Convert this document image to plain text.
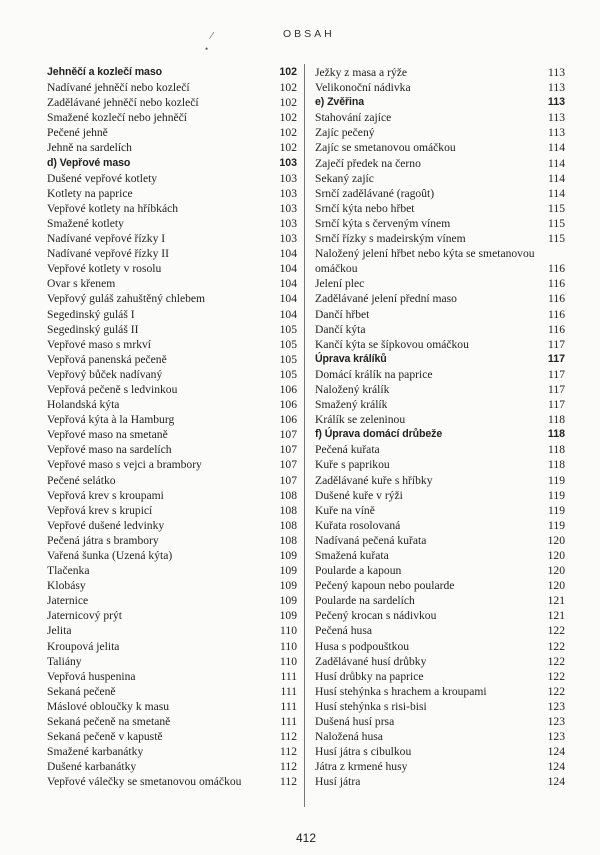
OBSAH
/
•
Jehněčí a kozlečí maso	102
Nadívané jehněčí nebo kozlečí	102
Zadělávané jehněčí nebo kozlečí	102
Smažené kozlečí nebo jehněčí	102
Pečené jehně	102
Jehně na sardelích	102
d) Vepřové maso	103
Dušené vepřové kotlety	103
Kotlety na paprice	103
Vepřové kotlety na hříbkách	103
Smažené kotlety	103
Nadívané vepřové řízky I	103
Nadívané vepřové řízky II	104
Vepřové kotlety v rosolu	104
Ovar s křenem	104
Vepřový guláš zahuštěný chlebem	104
Segedinský guláš I	104
Segedinský guláš II	105
Vepřové maso s mrkví	105
Vepřová panenská pečeně	105
Vepřový bůček nadívaný	105
Vepřová pečeně s ledvinkou	106
Holandská kýta	106
Vepřová kýta à la Hamburg	106
Vepřové maso na smetaně	107
Vepřové maso na sardelích	107
Vepřové maso s vejci a brambory	107
Pečené selátko	107
Vepřová krev s kroupami	108
Vepřová krev s krupicí	108
Vepřové dušené ledvinky	108
Pečená játra s brambory	108
Vařená šunka (Uzená kýta)	109
Tlačenka	109
Klobásy	109
Jaternice	109
Jaternicový prýt	109
Jelita	110
Kroupová jelita	110
Taliány	110
Vepřová huspenina	111
Sekaná pečeně	111
Máslové obloučky k masu	111
Sekaná pečeně na smetaně	111
Sekaná pečeně v kapustě	112
Smažené karbanátky	112
Dušené karbanátky	112
Vepřové válečky se smetanovou omáčkou	112
Ježky z masa a rýže	113
Velikonoční nádivka	113
e) Zvěřina	113
Stahování zajíce	113
Zajíc pečený	113
Zajíc se smetanovou omáčkou	114
Zaječí předek na černo	114
Sekaný zajíc	114
Srnčí zadělávané (ragoût)	114
Srnčí kýta nebo hřbet	115
Srnčí kýta s červeným vínem	115
Srnčí řízky s madeirským vínem	115
Naložený jelení hřbet nebo kýta se smetanovou
omáčkou	116
Jelení plec	116
Zadělávané jelení přední maso	116
Dančí hřbet	116
Dančí kýta	116
Kančí kýta se šípkovou omáčkou	117
Úprava králíků	117
Domácí králík na paprice	117
Naložený králík	117
Smažený králík	117
Králík se zeleninou	118
f) Úprava domácí drůbeže	118
Pečená kuřata	118
Kuře s paprikou	118
Zadělávané kuře s hříbky	119
Dušené kuře v rýži	119
Kuře na víně	119
Kuřata rosolovaná	119
Nadívaná pečená kuřata	120
Smažená kuřata	120
Poularde a kapoun	120
Pečený kapoun nebo poularde	120
Poularde na sardelích	121
Pečený krocan s nádivkou	121
Pečená husa	122
Husa s podpouštkou	122
Zadělávané husí drůbky	122
Husí drůbky na paprice	122
Husí stehýnka s hrachem a kroupami	122
Husí stehýnka s risi-bisi	123
Dušená husí prsa	123
Naložená husa	123
Husí játra s cibulkou	124
Játra z krmené husy	124
Husí játra	124
412
